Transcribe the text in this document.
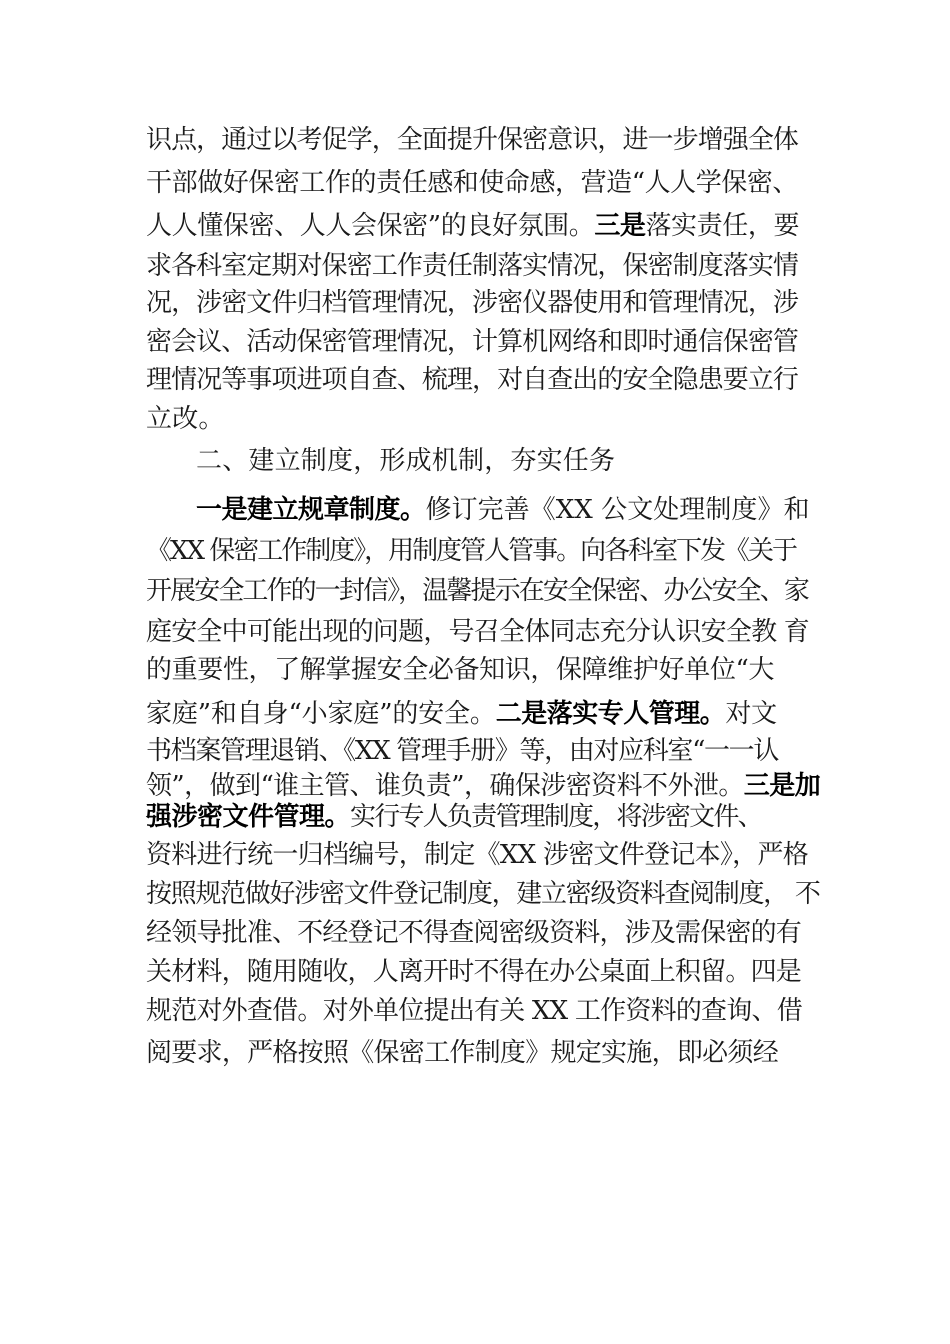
识点，通过以考促学，全面提升保密意识，进一步增强全体
干部做好保密工作的责任感和使命感，营造“人人学保密、
人人懂保密、人人会保密”的良好氛围。三是落实责任，要
求各科室定期对保密工作责任制落实情况，保密制度落实情
况，涉密文件归档管理情况，涉密仪器使用和管理情况，涉
密会议、活动保密管理情况，计算机网络和即时通信保密管
理情况等事项进项自查、梳理，对自查出的安全隐患要立行
立改。
二、建立制度，形成机制，夯实任务
一是建立规章制度。修订完善《XX 公文处理制度》和
《XX 保密工作制度》，用制度管人管事。向各科室下发《关于
开展安全工作的一封信》，温馨提示在安全保密、办公安全、家
庭安全中可能出现的问题，号召全体同志充分认识安全教 育
的重要性，了解掌握安全必备知识，保障维护好单位“大
家庭”和自身“小家庭”的安全。二是落实专人管理。对文
书档案管理退销、《XX 管理手册》等，由对应科室“一一认
领”，做到“谁主管、谁负责”，确保涉密资料不外泄。三是加
强涉密文件管理。实行专人负责管理制度，将涉密文件、
资料进行统一归档编号，制定《XX 涉密文件登记本》，严格
按照规范做好涉密文件登记制度，建立密级资料查阅制度， 不
经领导批准、不经登记不得查阅密级资料，涉及需保密的有
关材料，随用随收，人离开时不得在办公桌面上积留。四是
规范对外查借。对外单位提出有关 XX 工作资料的查询、借
阅要求，严格按照《保密工作制度》规定实施，即必须经
